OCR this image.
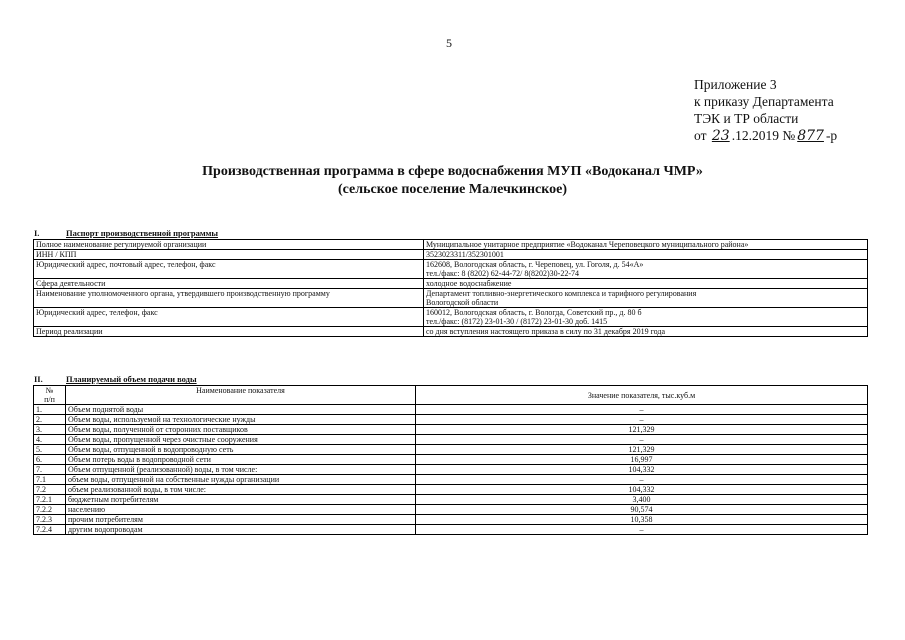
5
Приложение 3
к приказу Департамента
ТЭК и ТР области
от 23 .12.2019 № 877 -р
Производственная программа в сфере водоснабжения МУП «Водоканал ЧМР»
(сельское поселение Малечкинское)
I.	Паспорт производственной программы
Полное наименование регулируемой организации	Муниципальное унитарное предприятие «Водоканал Череповецкого муниципального района»
ИНН / КПП	3523023311/352301001
Юридический адрес, почтовый адрес, телефон, факс	162608, Вологодская область, г. Череповец, ул. Гоголя, д. 54«А»
тел./факс: 8 (8202) 62-44-72/ 8(8202)30-22-74

Сфера деятельности	холодное водоснабжение
Наименование уполномоченного органа, утвердившего производственную программу	Департамент топливно-энергетического комплекса и тарифного регулирования
Вологодской области

Юридический адрес, телефон, факс	160012, Вологодская область, г. Вологда, Советский пр., д. 80 б
тел./факс: (8172) 23-01-30 / (8172) 23-01-30 доб. 1415

Период реализации	со дня вступления настоящего приказа в силу по 31 декабря 2019 года
II.	Планируемый объем подачи воды
№
п/п	Наименование показателя	Значение показателя, тыс.куб.м
1.	Объем поднятой воды	–
2.	Объем воды, используемой на технологические нужды	–
3.	Объем воды, полученной от сторонних поставщиков	121,329
4.	Объем воды, пропущенной через очистные сооружения	–
5.	Объем воды, отпущенной в водопроводную сеть	121,329
6.	Объем потерь воды в водопроводной сети	16,997
7.	Объем отпущенной (реализованной) воды, в том числе:	104,332
7.1	объем воды, отпущенной на собственные нужды организации	–
7.2	объем реализованной воды, в том числе:	104,332
7.2.1	бюджетным потребителям	3,400
7.2.2	населению	90,574
7.2.3	прочим потребителям	10,358
7.2.4	другим водопроводам	–
